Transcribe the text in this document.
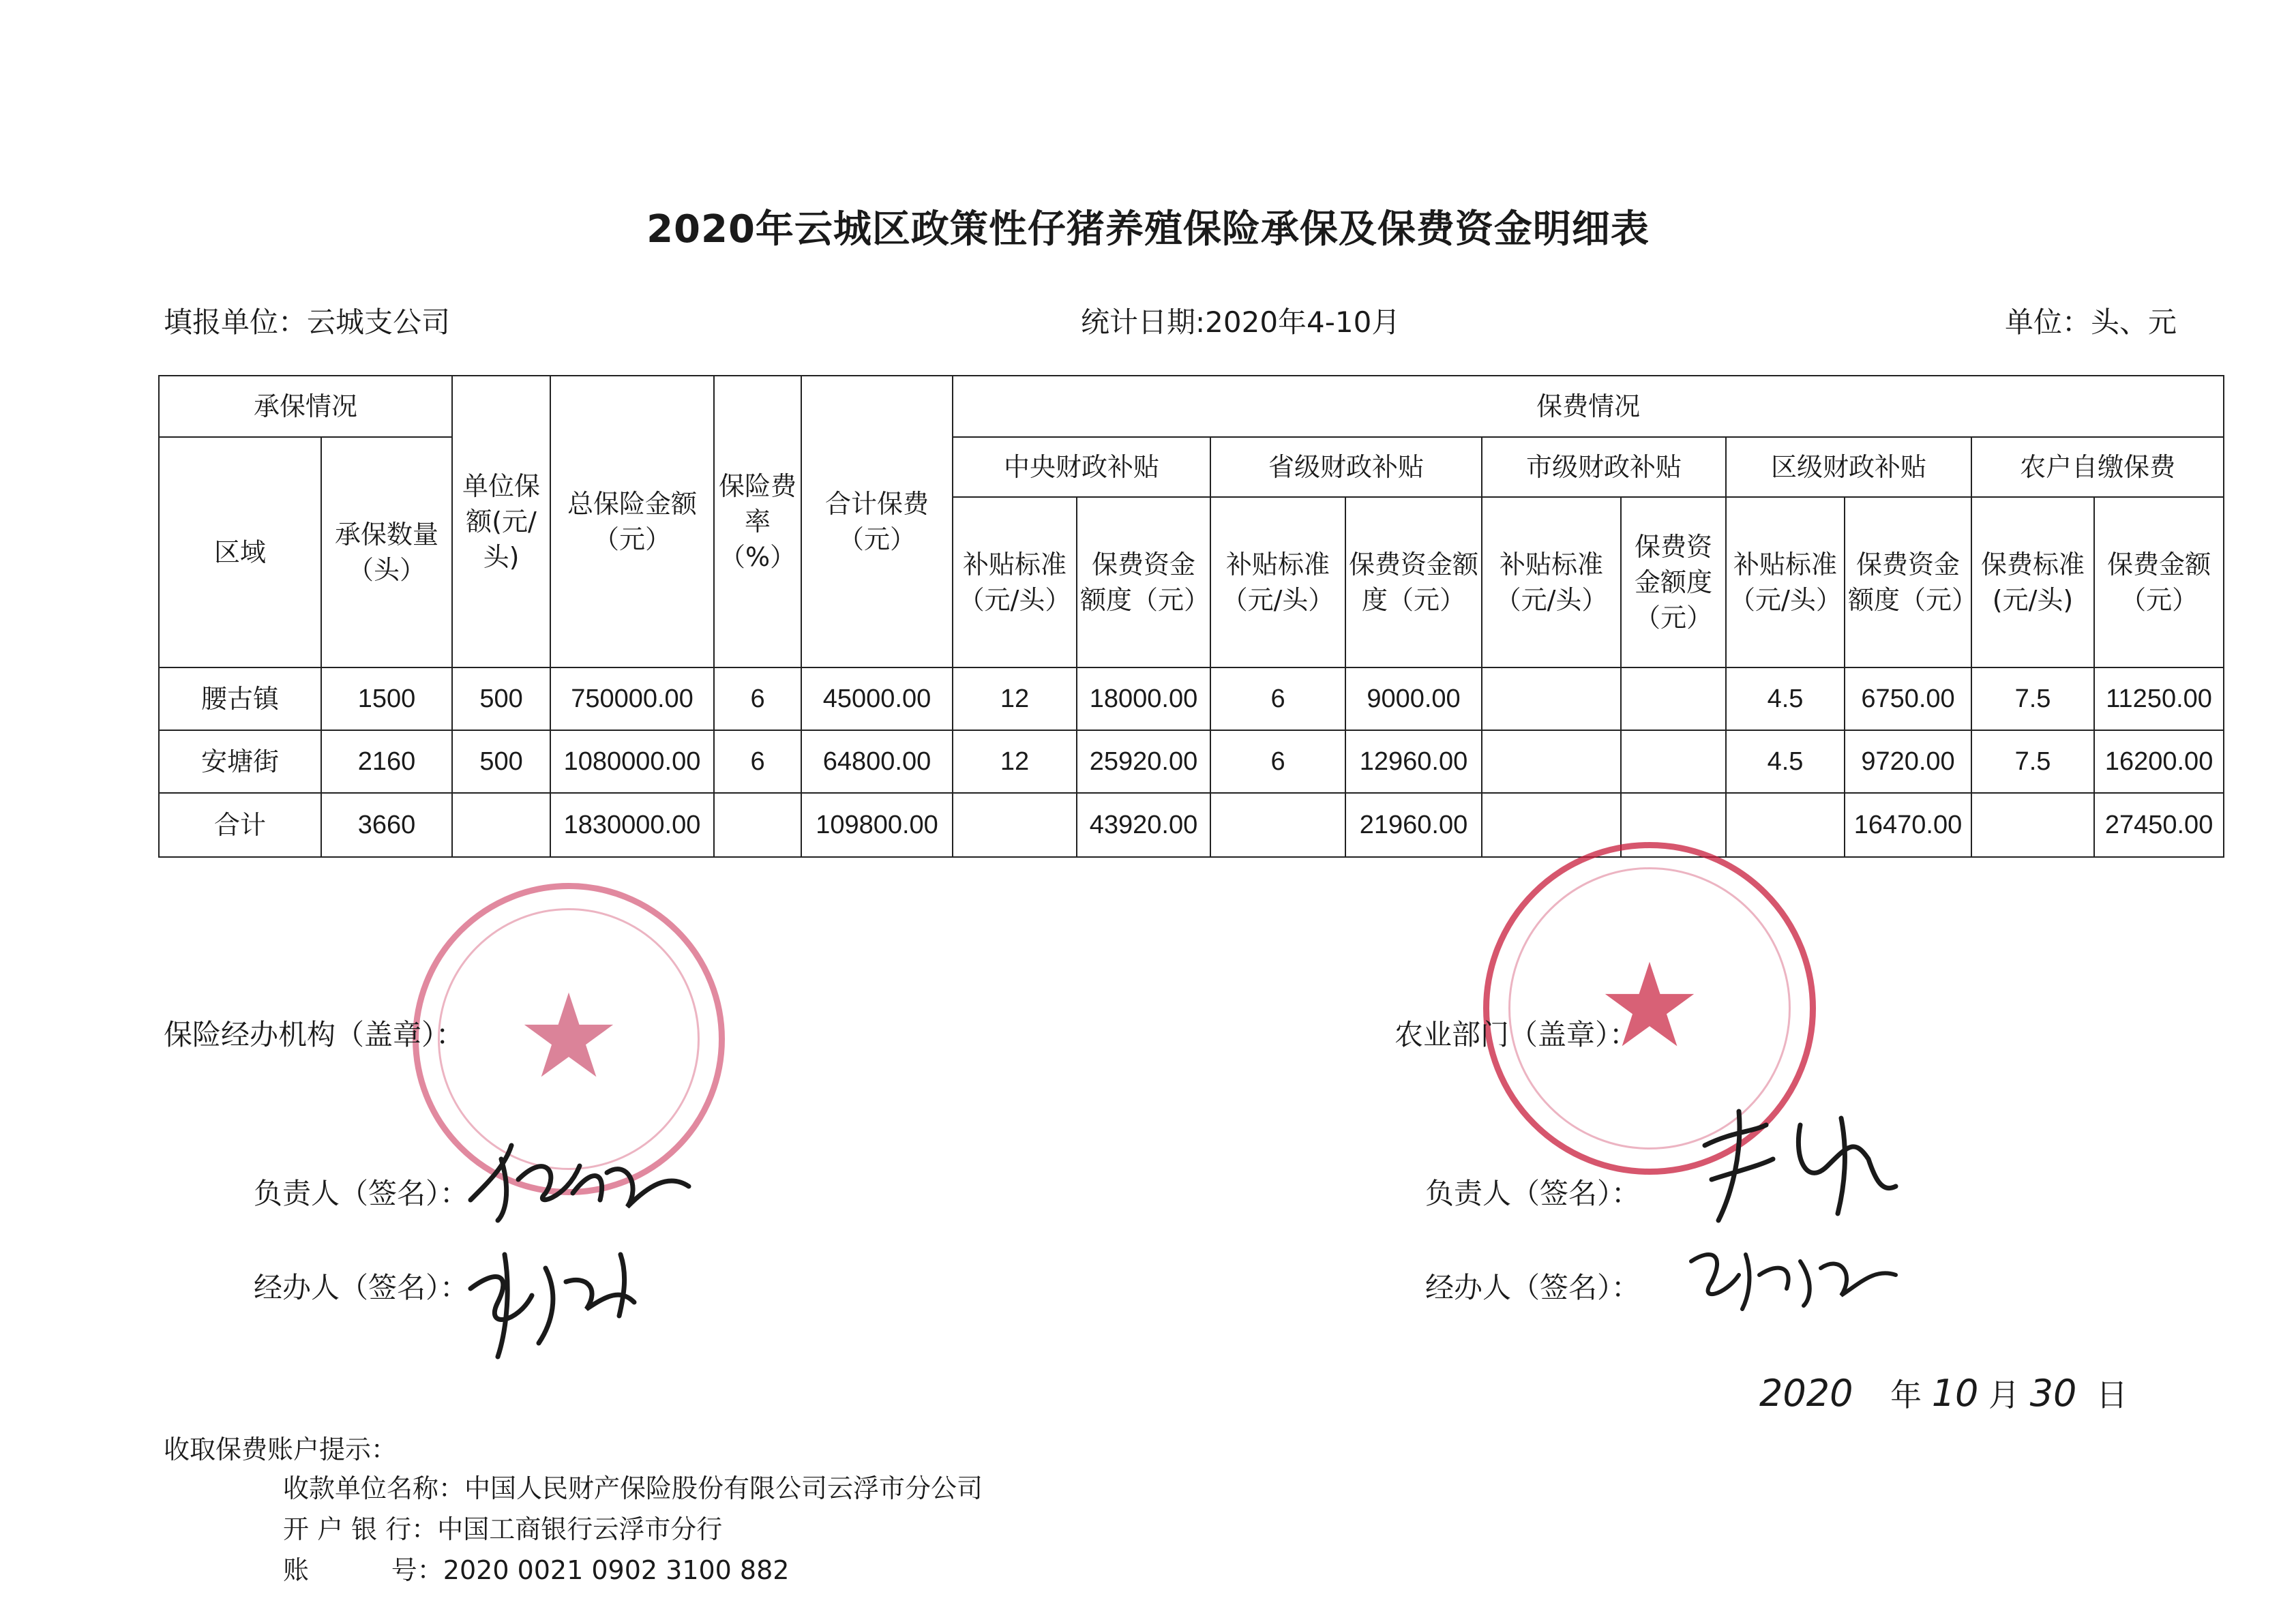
2020年云城区政策性仔猪养殖保险承保及保费资金明细表
填报单位：云城支公司	统计日期:2020年4-10月	单位：头、元
承保情况		单位保额(元/头)	总保险金额（元）	保险费率（%）	合计保费（元）	保费情况									
区域	承保数量（头）					中央财政补贴		省级财政补贴		市级财政补贴		区级财政补贴		农户自缴保费	
						补贴标准（元/头）	保费资金额度（元）	补贴标准（元/头）	保费资金额度（元）	补贴标准（元/头）	保费资金额度（元）	补贴标准（元/头）	保费资金额度（元）	保费标准(元/头)	保费金额（元）
腰古镇	1500	500	750000.00	6	45000.00	12	18000.00	6	9000.00			4.5	6750.00	7.5	11250.00
安塘街	2160	500	1080000.00	6	64800.00	12	25920.00	6	12960.00			4.5	9720.00	7.5	16200.00
合计	3660		1830000.00		109800.00		43920.00		21960.00				16470.00		27450.00
★	★
保险经办机构（盖章）：
负责人（签名）：
经办人（签名）：
农业部门（盖章）：
负责人（签名）：
经办人（签名）：
2020 年 10 月 30 日
收取保费账户提示：
收款单位名称：中国人民财产保险股份有限公司云浮市分公司
开 户 银 行：中国工商银行云浮市分行
账          号：2020 0021 0902 3100 882
